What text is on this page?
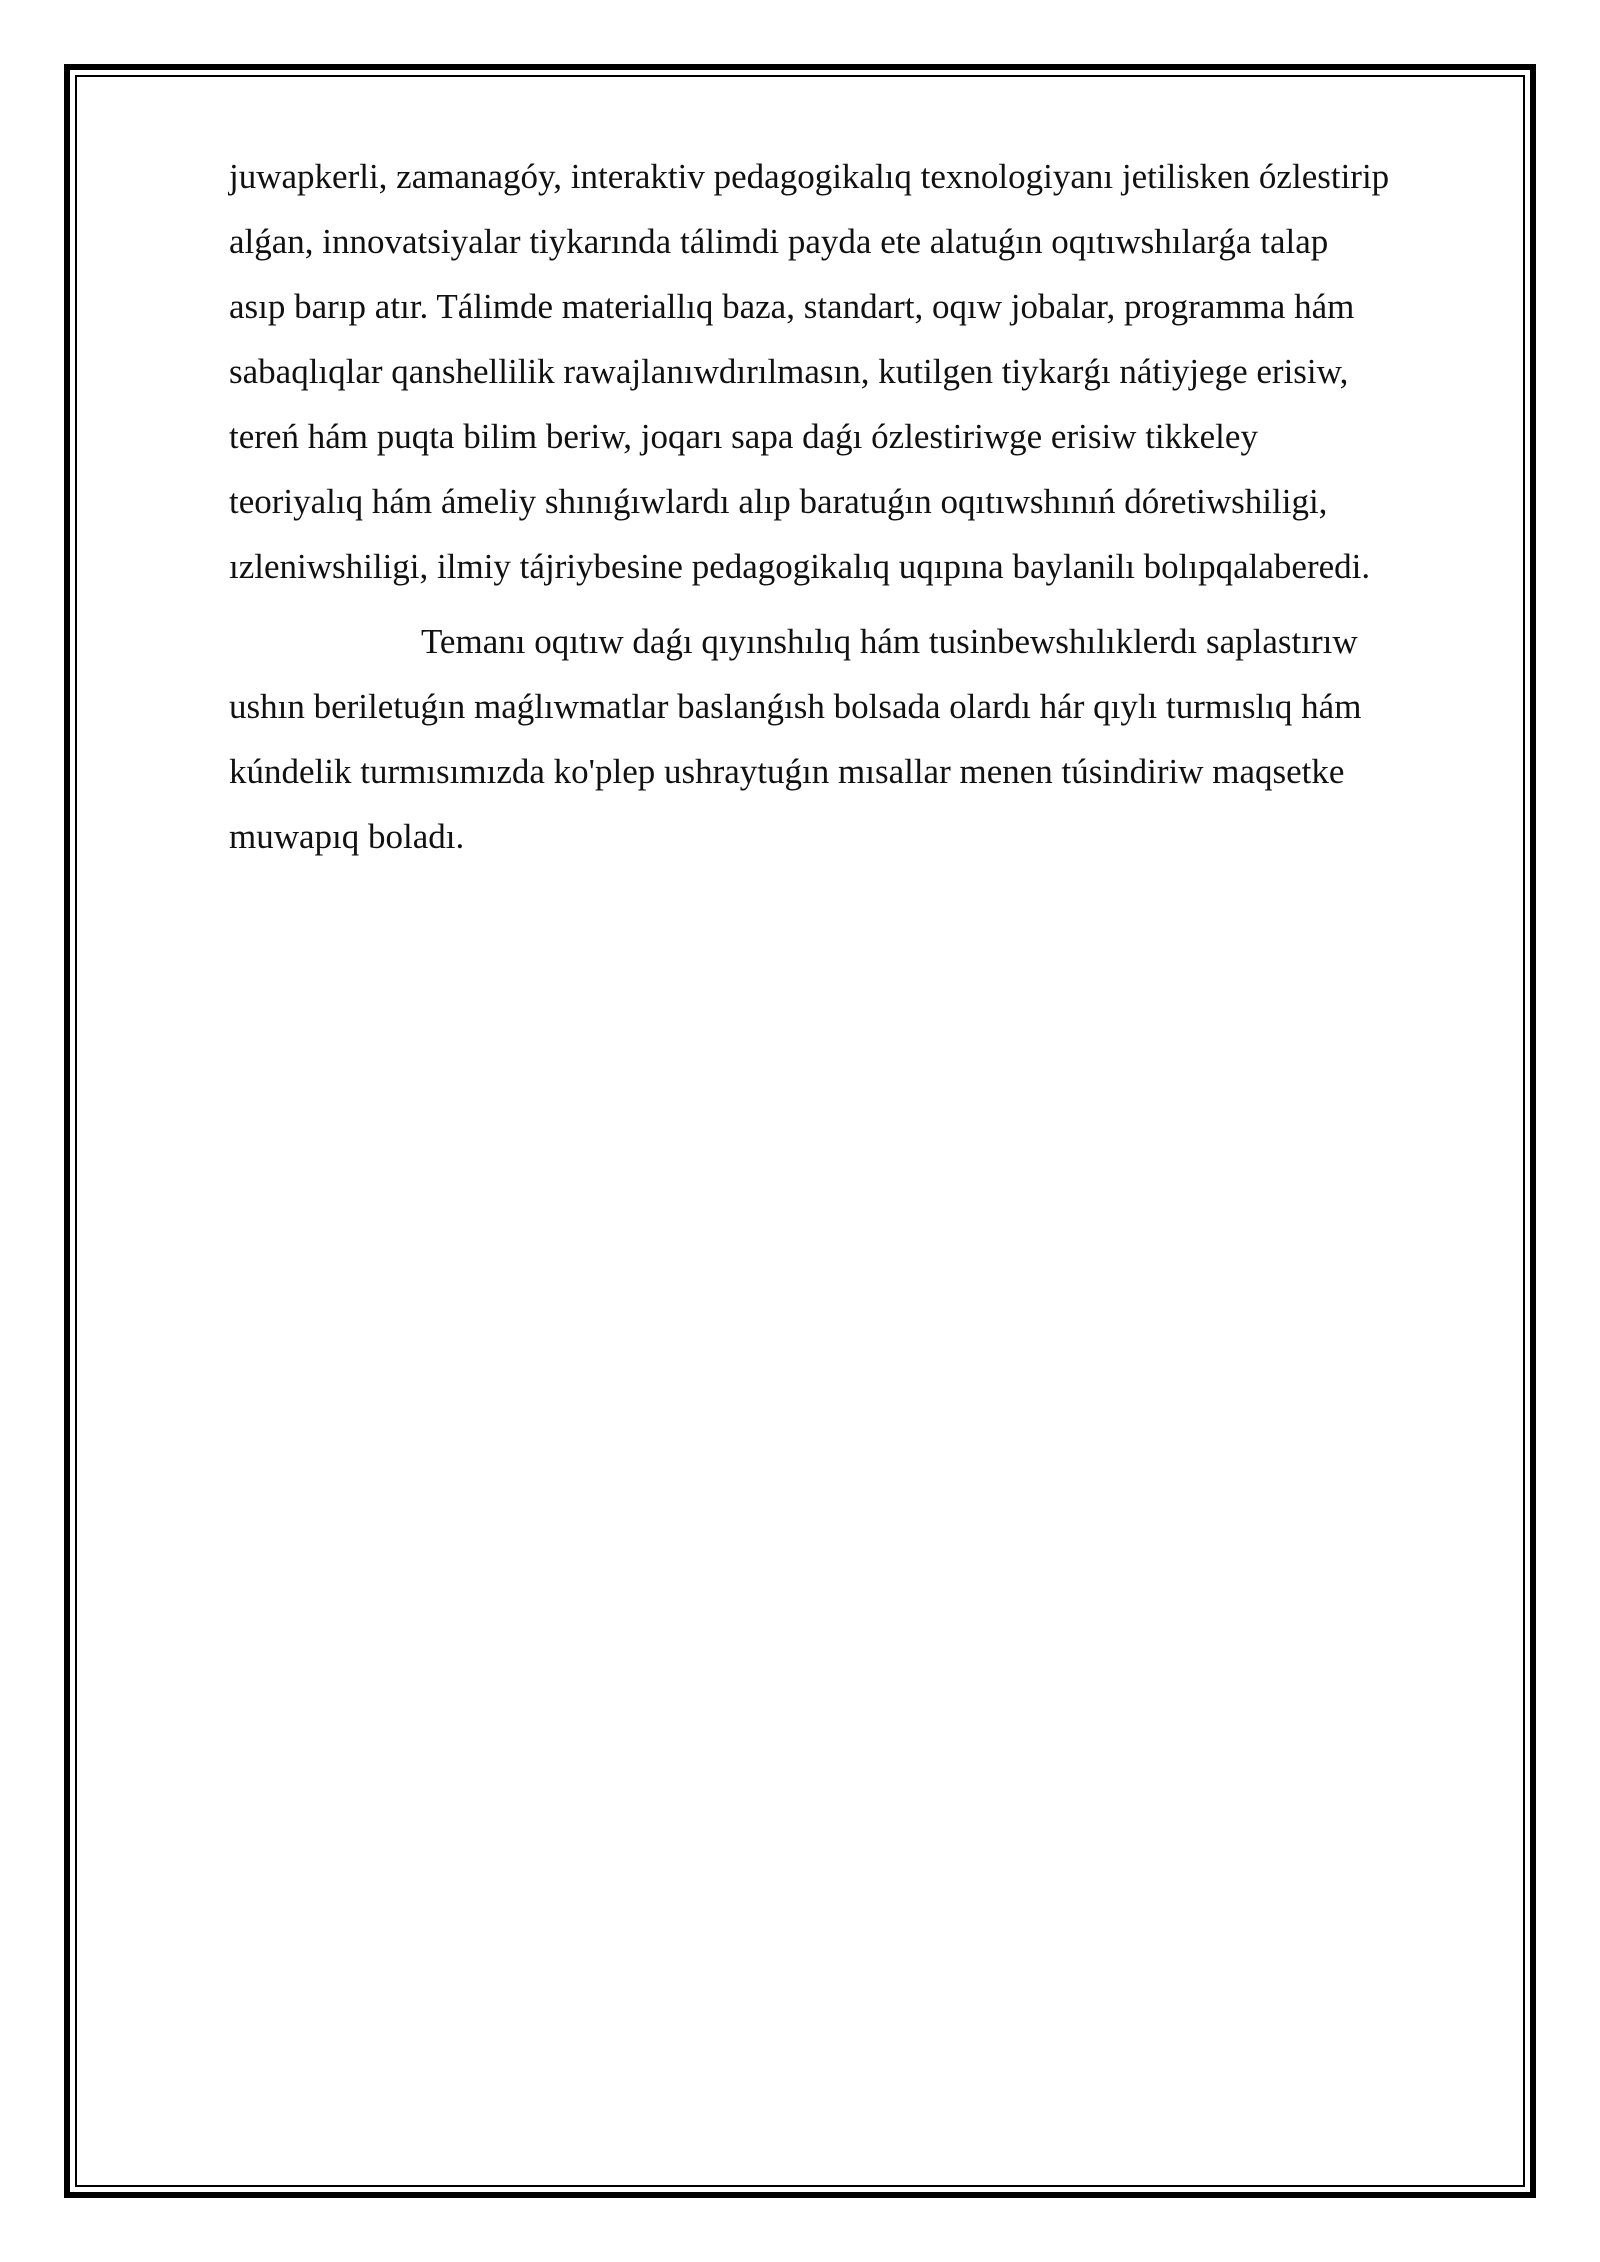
juwapkerli, zamanagóy, interaktiv pedagogikalıq texnologiyanı jetilisken ózlestirip
alǵan, innovatsiyalar tiykarında tálimdi payda ete alatuǵın oqıtıwshılarǵa talap
asıp barıp atır. Tálimde materiallıq baza, standart, oqıw jobalar, programma hám
sabaqlıqlar qanshellilik rawajlanıwdırılmasın, kutilgen tiykarǵı nátiyjege erisiw,
tereń hám puqta bilim beriw, joqarı sapa daǵı ózlestiriwge erisiw tikkeley
teoriyalıq hám ámeliy shınıǵıwlardı alıp baratuǵın oqıtıwshınıń dóretiwshiligi,
ızleniwshiligi, ilmiy tájriybesine pedagogikalıq uqıpına baylanilı bolıpqalaberedi.
Temanı oqıtıw daǵı qıyınshılıq hám tusinbewshılıklerdı saplastırıw
ushın beriletuǵın maǵlıwmatlar baslanǵısh bolsada olardı hár qıylı turmıslıq hám
kúndelik turmısımızda ko'plep ushraytuǵın mısallar menen túsindiriw maqsetke
muwapıq boladı.
